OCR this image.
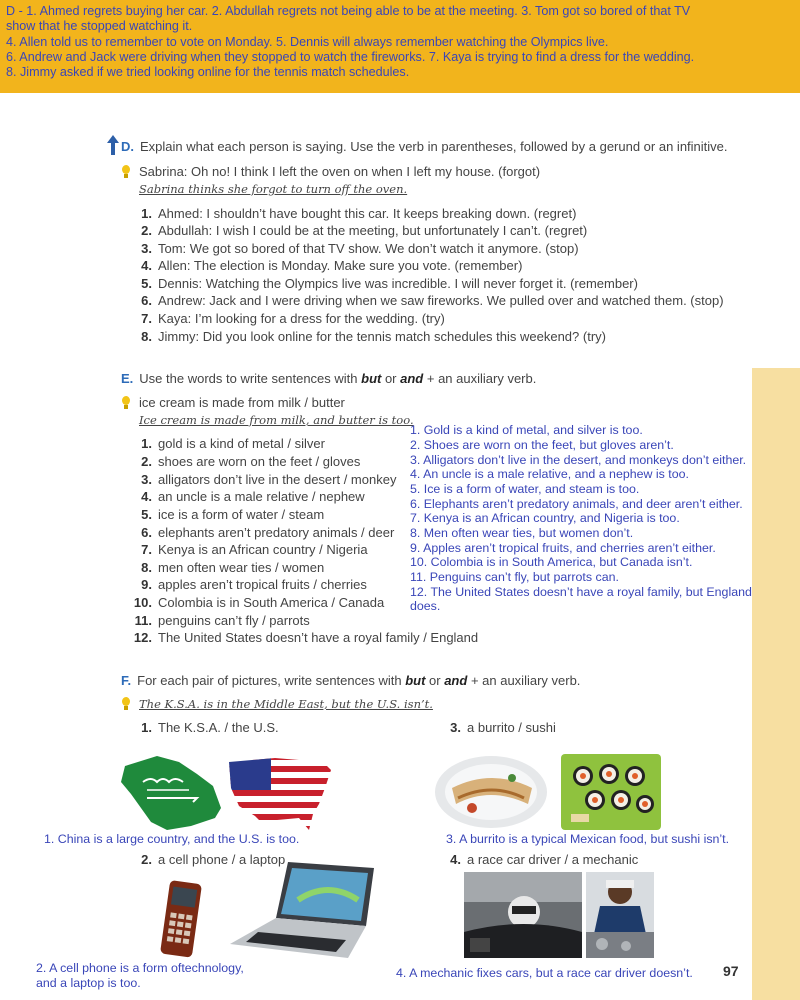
D - 1. Ahmed regrets buying her car. 2. Abdullah regrets not being able to be at the meeting. 3. Tom got so bored of that TV
show that he stopped watching it.
4. Allen told us to remember to vote on Monday. 5. Dennis will always remember watching the Olympics live.
6. Andrew and Jack were driving when they stopped to watch the fireworks. 7. Kaya is trying to find a dress for the wedding.
8. Jimmy asked if we tried looking online for the tennis match schedules.
D. Explain what each person is saying. Use the verb in parentheses, followed by a gerund or an infinitive.
Sabrina: Oh no! I think I left the oven on when I left my house. (forgot)
Sabrina thinks she forgot to turn off the oven.
1. Ahmed: I shouldn’t have bought this car. It keeps breaking down. (regret)
2. Abdullah: I wish I could be at the meeting, but unfortunately I can’t. (regret)
3. Tom: We got so bored of that TV show. We don’t watch it anymore. (stop)
4. Allen: The election is Monday. Make sure you vote. (remember)
5. Dennis: Watching the Olympics live was incredible. I will never forget it. (remember)
6. Andrew: Jack and I were driving when we saw fireworks. We pulled over and watched them. (stop)
7. Kaya: I’m looking for a dress for the wedding. (try)
8. Jimmy: Did you look online for the tennis match schedules this weekend? (try)
E. Use the words to write sentences with but or and + an auxiliary verb.
ice cream is made from milk / butter
Ice cream is made from milk, and butter is too.
1. gold is a kind of metal / silver
2. shoes are worn on the feet / gloves
3. alligators don’t live in the desert / monkey
4. an uncle is a male relative / nephew
5. ice is a form of water / steam
6. elephants aren’t predatory animals / deer
7. Kenya is an African country / Nigeria
8. men often wear ties / women
9. apples aren’t tropical fruits / cherries
10. Colombia is in South America / Canada
11. penguins can’t fly / parrots
12. The United States doesn’t have a royal family / England
1. Gold is a kind of metal, and silver is too.
2. Shoes are worn on the feet, but gloves aren’t.
3. Alligators don’t live in the desert, and monkeys don’t either.
4. An uncle is a male relative, and a nephew is too.
5. Ice is a form of water, and steam is too.
6. Elephants aren’t predatory animals, and deer aren’t either.
7. Kenya is an African country, and Nigeria is too.
8. Men often wear ties, but women don’t.
9. Apples aren’t tropical fruits, and cherries aren’t either.
10. Colombia is in South America, but Canada isn’t.
11. Penguins can’t fly, but parrots can.
12. The United States doesn’t have a royal family, but England
does.
F. For each pair of pictures, write sentences with but or and + an auxiliary verb.
The K.S.A. is in the Middle East, but the U.S. isn’t.
1. The K.S.A. / the U.S.	3. a burrito / sushi
1. China is a large country, and the U.S. is too.	3. A burrito is a typical Mexican food, but sushi isn’t.
2. a cell phone / a laptop	4. a race car driver / a mechanic
2. A cell phone is a form oftechnology,
and a laptop is too.
4. A mechanic fixes cars, but a race car driver doesn’t. 97
